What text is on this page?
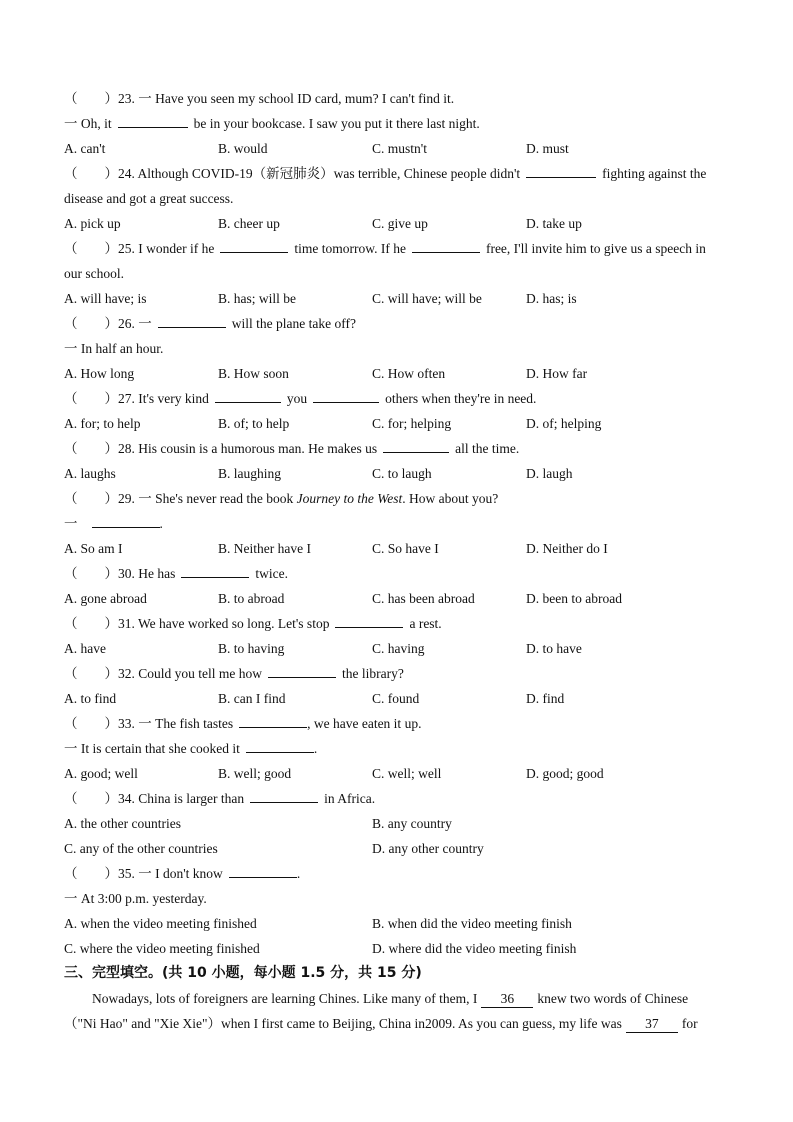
（　　）23. 一 Have you seen my school ID card, mum? I can't find it.
一 Oh, it	be in your bookcase. I saw you put it there last night.
A. can't	B. would	C. mustn't	D. must
（　　）24. Although COVID-19（新冠肺炎）was terrible, Chinese people didn't	fighting against the
disease and got a great success.
A. pick up	B. cheer up	C. give up	D. take up
（　　）25. I wonder if he	time tomorrow. If he	free, I'll invite him to give us a speech in
our school.
A. will have; is	B. has; will be	C. will have; will be	D. has; is
（　　）26. 一	will the plane take off?
一 In half an hour.
A. How long	B. How soon	C. How often	D. How far
（　　）27. It's very kind	you	others when they're in need.
A. for; to help	B. of; to help	C. for; helping	D. of; helping
（　　）28. His cousin is a humorous man. He makes us	all the time.
A. laughs	B. laughing	C. to laugh	D. laugh
（　　）29. 一 She's never read the book Journey to the West. How about you?
一	.
A. So am I	B. Neither have I	C. So have I	D. Neither do I
（　　）30. He has	twice.
A. gone abroad	B. to abroad	C. has been abroad	D. been to abroad
（　　）31. We have worked so long. Let's stop	a rest.
A. have	B. to having	C. having	D. to have
（　　）32. Could you tell me how	the library?
A. to find	B. can I find	C. found	D. find
（　　）33. 一 The fish tastes	, we have eaten it up.
一 It is certain that she cooked it	.
A. good; well	B. well; good	C. well; well	D. good; good
（　　）34. China is larger than	in Africa.
A. the other countries	B. any country
C. any of the other countries	D. any other country
（　　）35. 一 I don't know	.
一 At 3:00 p.m. yesterday.
A. when the video meeting finished	B. when did the video meeting finish
C. where the video meeting finished	D. where did the video meeting finish
三、完型填空。(共 10 小题，每小题 1.5 分，共 15 分)
Nowadays, lots of foreigners are learning Chines. Like many of them, I 36 knew two words of Chinese
（"Ni Hao" and "Xie Xie"）when I first came to Beijing, China in2009. As you can guess, my life was 37 for
